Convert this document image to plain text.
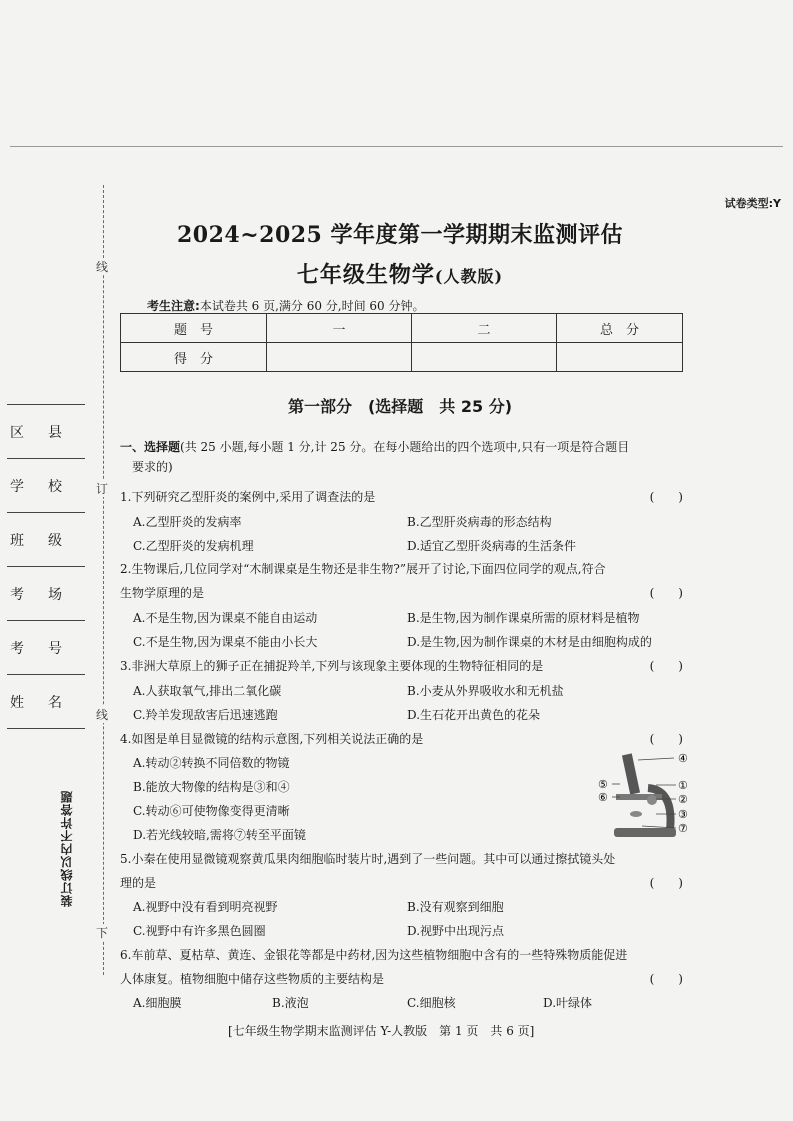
线
订
线
下
区 县
学 校
班 级
考 场
考 号
姓 名
装订线以内不许答题
试卷类型:Y
2024~2025 学年度第一学期期末监测评估
七年级生物学(人教版)
考生注意:本试卷共 6 页,满分 60 分,时间 60 分钟。
题　号	一	二	总　分
得　分			
第一部分　(选择题　共 25 分)
一、选择题(共 25 小题,每小题 1 分,计 25 分。在每小题给出的四个选项中,只有一项是符合题目
要求的)
1.下列研究乙型肝炎的案例中,采用了调查法的是	(　　)
A.乙型肝炎的发病率	B.乙型肝炎病毒的形态结构
C.乙型肝炎的发病机理	D.适宜乙型肝炎病毒的生活条件
2.生物课后,几位同学对“木制课桌是生物还是非生物?”展开了讨论,下面四位同学的观点,符合
生物学原理的是	(　　)
A.不是生物,因为课桌不能自由运动	B.是生物,因为制作课桌所需的原材料是植物
C.不是生物,因为课桌不能由小长大	D.是生物,因为制作课桌的木材是由细胞构成的
3.非洲大草原上的狮子正在捕捉羚羊,下列与该现象主要体现的生物特征相同的是	(　　)
A.人获取氧气,排出二氧化碳	B.小麦从外界吸收水和无机盐
C.羚羊发现敌害后迅速逃跑	D.生石花开出黄色的花朵
4.如图是单目显微镜的结构示意图,下列相关说法正确的是	(　　)
A.转动②转换不同倍数的物镜
B.能放大物像的结构是③和④
C.转动⑥可使物像变得更清晰
D.若光线较暗,需将⑦转至平面镜
④
⑤	①
⑥	②
③
⑦
5.小秦在使用显微镜观察黄瓜果肉细胞临时装片时,遇到了一些问题。其中可以通过擦拭镜头处
理的是	(　　)
A.视野中没有看到明亮视野	B.没有观察到细胞
C.视野中有许多黑色圆圈	D.视野中出现污点
6.车前草、夏枯草、黄连、金银花等都是中药材,因为这些植物细胞中含有的一些特殊物质能促进
人体康复。植物细胞中储存这些物质的主要结构是	(　　)
A.细胞膜	B.液泡	C.细胞核	D.叶绿体
[七年级生物学期末监测评估 Y-人教版　第 1 页　共 6 页]
